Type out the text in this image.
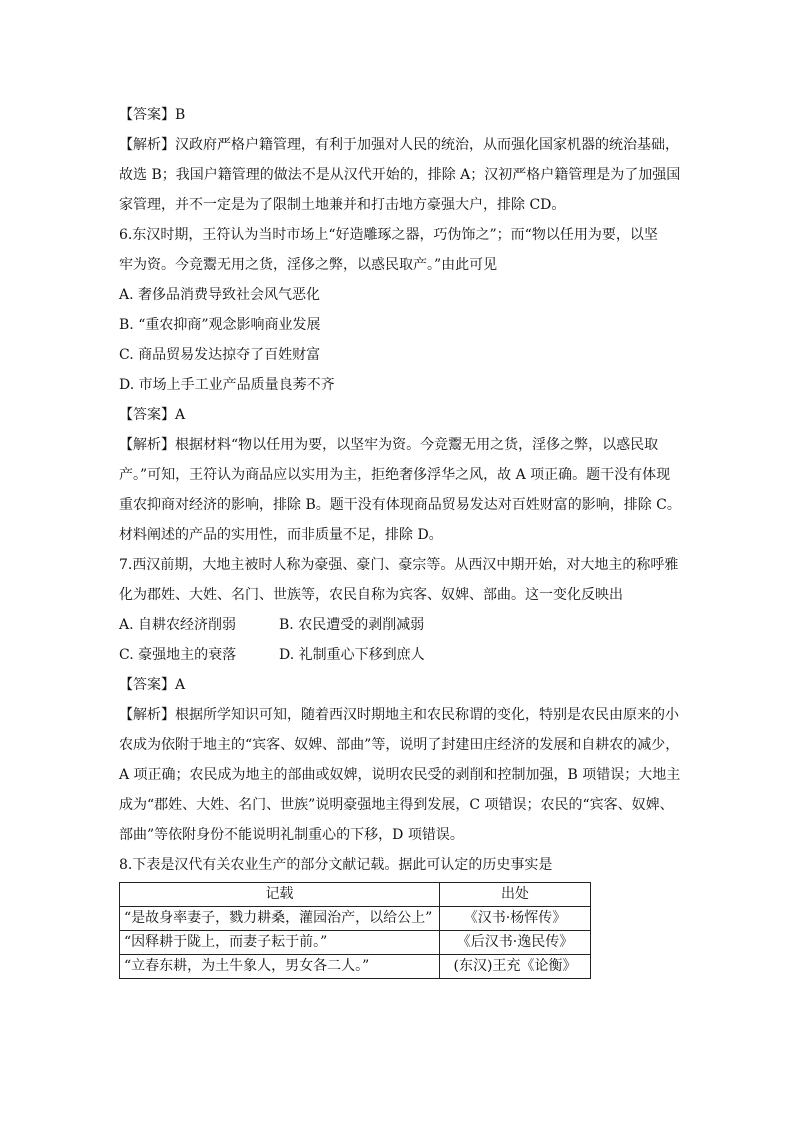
【答案】B
【解析】汉政府严格户籍管理，有利于加强对人民的统治，从而强化国家机器的统治基础，
故选 B；我国户籍管理的做法不是从汉代开始的，排除 A；汉初严格户籍管理是为了加强国
家管理，并不一定是为了限制土地兼并和打击地方豪强大户，排除 CD。
6.东汉时期，王符认为当时市场上“好造雕琢之器，巧伪饰之”；而“物以任用为要，以坚
牢为资。今竞鬻无用之货，淫侈之弊，以惑民取产。”由此可见
A. 奢侈品消费导致社会风气恶化
B. “重农抑商”观念影响商业发展
C. 商品贸易发达掠夺了百姓财富
D. 市场上手工业产品质量良莠不齐
【答案】A
【解析】根据材料“物以任用为要，以坚牢为资。今竞鬻无用之货，淫侈之弊，以惑民取
产。”可知，王符认为商品应以实用为主，拒绝奢侈浮华之风，故 A 项正确。题干没有体现
重农抑商对经济的影响，排除 B。题干没有体现商品贸易发达对百姓财富的影响，排除 C。
材料阐述的产品的实用性，而非质量不足，排除 D。
7.西汉前期，大地主被时人称为豪强、豪门、豪宗等。从西汉中期开始，对大地主的称呼雅
化为郡姓、大姓、名门、世族等，农民自称为宾客、奴婢、部曲。这一变化反映出
A. 自耕农经济削弱	B. 农民遭受的剥削减弱
C. 豪强地主的衰落	D. 礼制重心下移到庶人
【答案】A
【解析】根据所学知识可知，随着西汉时期地主和农民称谓的变化，特别是农民由原来的小
农成为依附于地主的“宾客、奴婢、部曲”等，说明了封建田庄经济的发展和自耕农的减少，
A 项正确；农民成为地主的部曲或奴婢，说明农民受的剥削和控制加强，B 项错误；大地主
成为“郡姓、大姓、名门、世族”说明豪强地主得到发展，C 项错误；农民的“宾客、奴婢、
部曲”等依附身份不能说明礼制重心的下移，D 项错误。
8.下表是汉代有关农业生产的部分文献记载。据此可认定的历史事实是
记载	出处
“是故身率妻子，戮力耕桑，灌园治产，以给公上”	《汉书·杨恽传》
“因释耕于陇上，而妻子耘于前。”	《后汉书·逸民传》
“立春东耕，为土牛象人，男女各二人。”	(东汉)王充《论衡》
